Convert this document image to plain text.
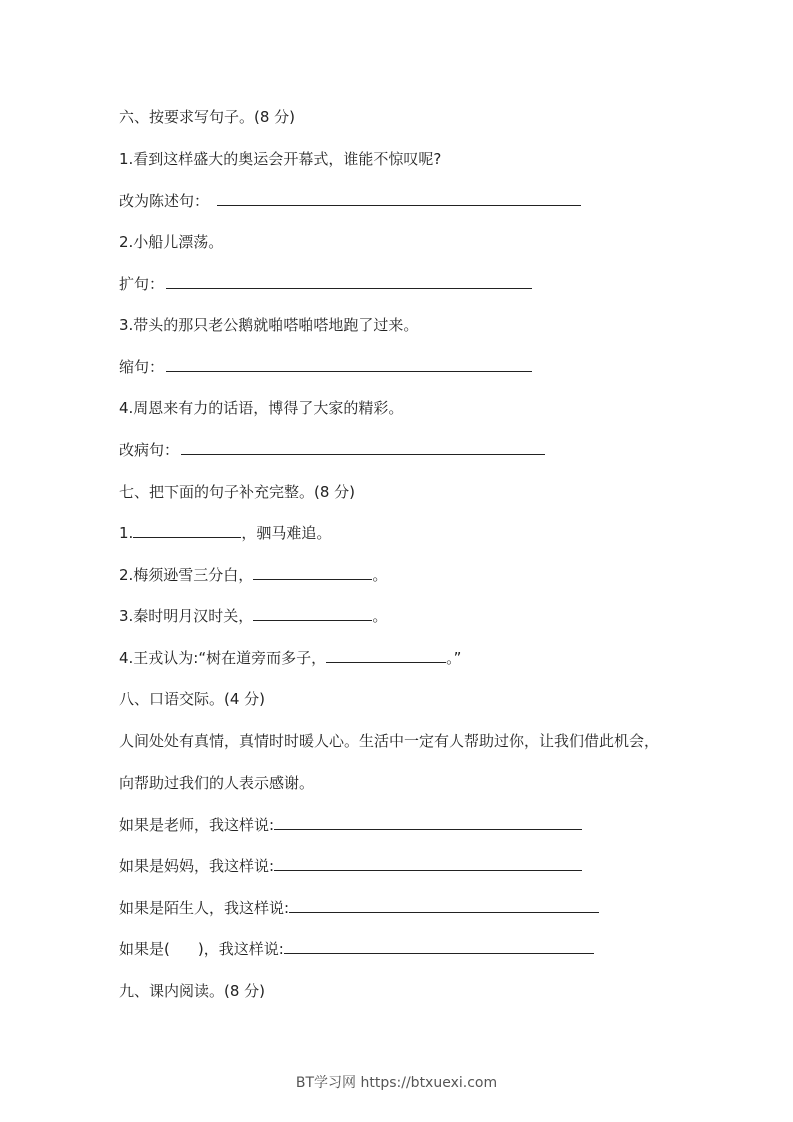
六、按要求写句子。(8 分)
1.看到这样盛大的奥运会开幕式，谁能不惊叹呢?
改为陈述句：
2.小船儿漂荡。
扩句：
3.带头的那只老公鹅就啪嗒啪嗒地跑了过来。
缩句：
4.周恩来有力的话语，博得了大家的精彩。
改病句：
七、把下面的句子补充完整。(8 分)
1.	，驷马难追。
2.梅须逊雪三分白，	。
3.秦时明月汉时关，	。
4.王戎认为:“树在道旁而多子，	。”
八、口语交际。(4 分)
人间处处有真情，真情时时暖人心。生活中一定有人帮助过你，让我们借此机会，
向帮助过我们的人表示感谢。
如果是老师，我这样说:
如果是妈妈，我这样说:
如果是陌生人，我这样说:
如果是( )，我这样说:
九、课内阅读。(8 分)
BT学习网 https://btxuexi.com
